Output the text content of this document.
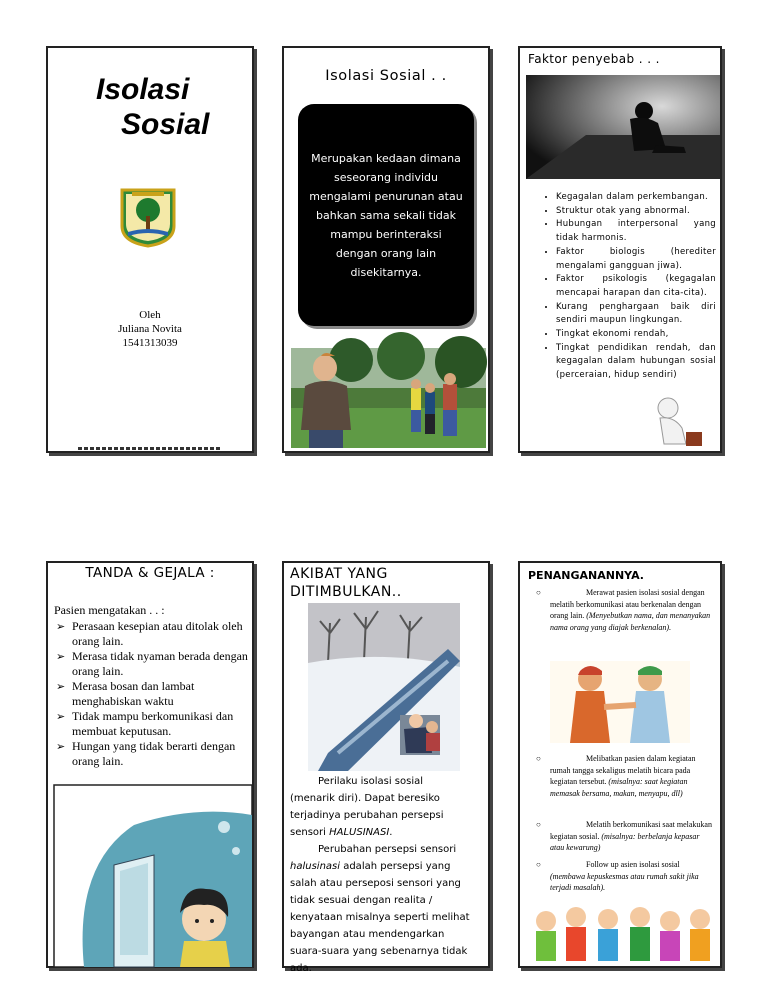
Isolasi
Sosial
Oleh
Juliana Novita
1541313039
Isolasi Sosial . .
Merupakan kedaan dimana seseorang individu mengalami penurunan atau bahkan sama sekali tidak mampu berinteraksi dengan orang lain disekitarnya.
Faktor penyebab . . .
• Kegagalan dalam perkembangan.
• Struktur otak yang abnormal.
• Hubungan interpersonal yang tidak harmonis.
• Faktor biologis (herediter mengalami gangguan jiwa).
• Faktor psikologis (kegagalan mencapai harapan dan cita-cita).
• Kurang penghargaan baik diri sendiri maupun lingkungan.
• Tingkat ekonomi rendah,
• Tingkat pendidikan rendah, dan kegagalan dalam hubungan sosial (perceraian, hidup sendiri)
TANDA & GEJALA :
Pasien mengatakan . . :
➢ Perasaan kesepian atau ditolak oleh orang lain.
➢ Merasa tidak nyaman berada dengan orang lain.
➢ Merasa bosan dan lambat menghabiskan waktu
➢ Tidak mampu berkomunikasi dan membuat keputusan.
➢ Hungan yang tidak berarti dengan orang lain.
AKIBAT YANG
DITIMBULKAN..

Perilaku isolasi sosial (menarik diri). Dapat beresiko terjadinya perubahan persepsi sensori HALUSINASI.

Perubahan persepsi sensori halusinasi adalah persepsi yang salah atau perseposi sensori yang tidak sesuai dengan realita / kenyataan misalnya seperti melihat bayangan atau mendengarkan suara-suara yang sebenarnya tidak ada.

PENANGANANNYA.
○	Merawat pasien isolasi sosial dengan melatih berkomunikasi atau berkenalan dengan orang lain. (Menyebutkan nama, dan menanyakan nama orang yang diajak berkenalan).
○	Melibatkan pasien dalam kegiatan rumah tangga sekaligus melatih bicara pada kegiatan tersebut. (misalnya: saat kegiatan memasak bersama, makan, menyapu, dll)
○	Melatih berkomunikasi saat melakukan kegiatan sosial. (misalnya: berbelanja kepasar atau kewarung)
○	Follow up asien isolasi sosial (membawa kepuskesmas atau rumah sakit jika terjadi masalah).
